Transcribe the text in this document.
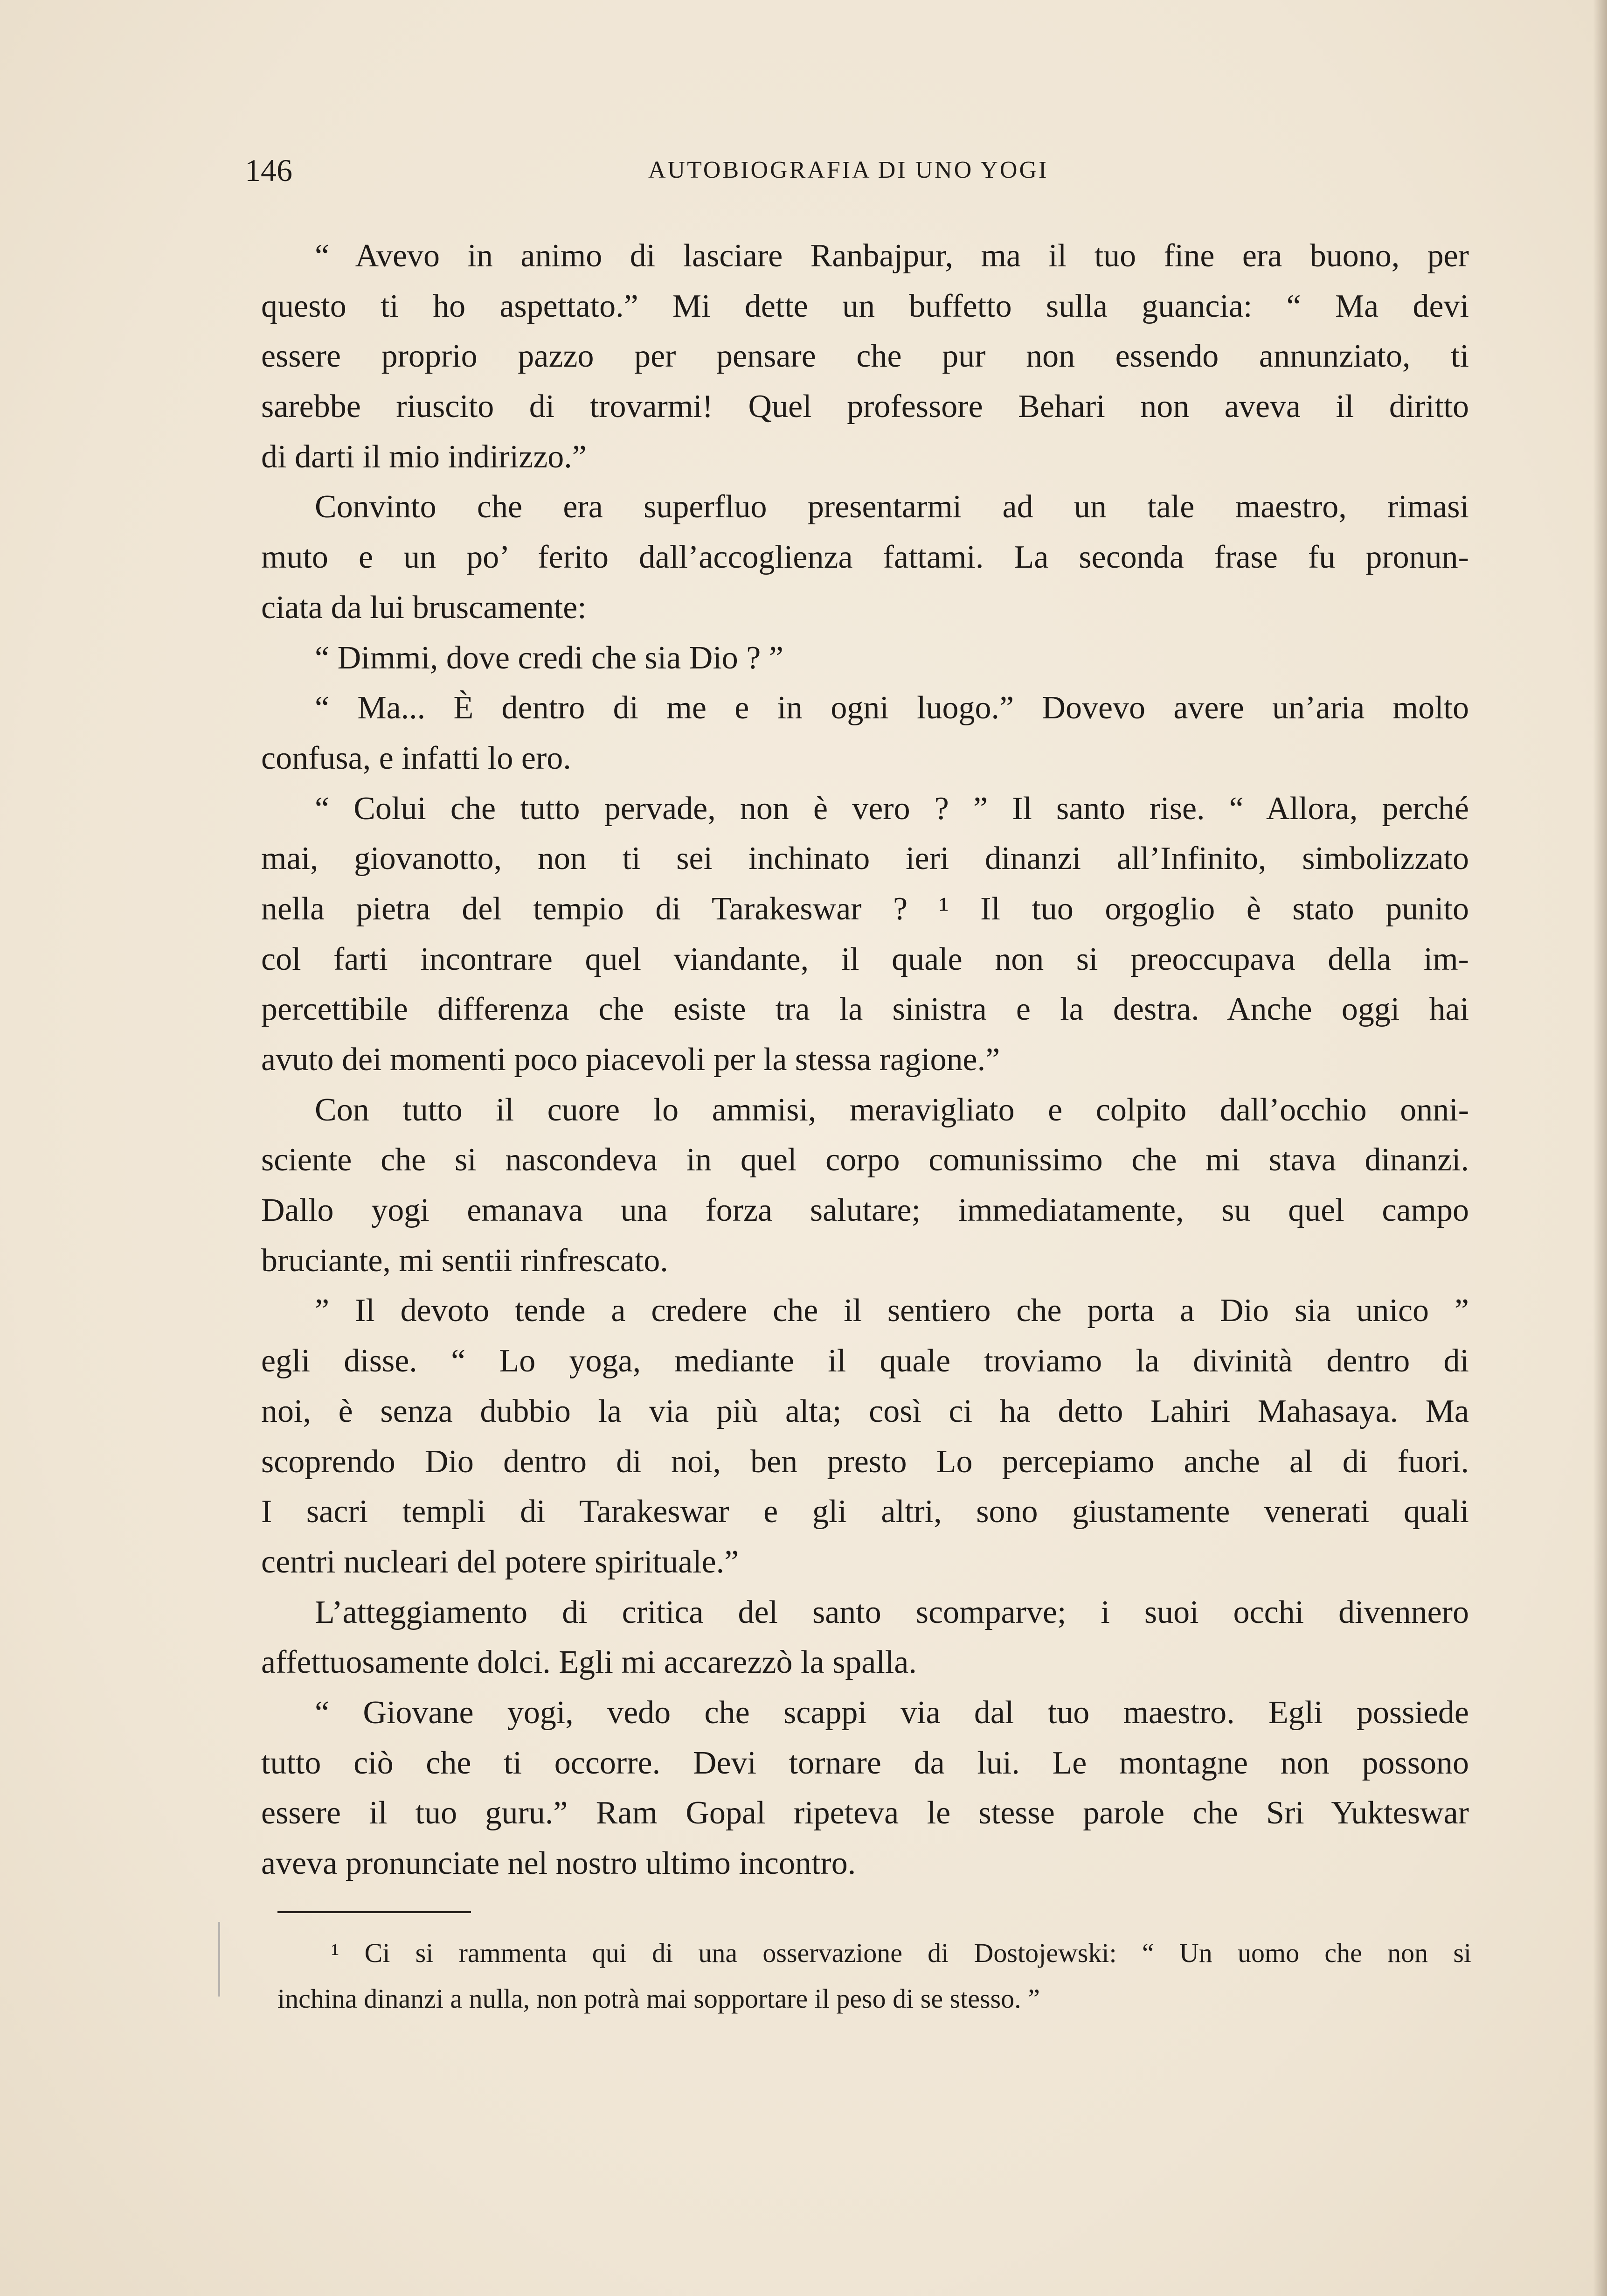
146	AUTOBIOGRAFIA DI UNO YOGI
“ Avevo in animo di lasciare Ranbajpur, ma il tuo fine era buono, per
questo ti ho aspettato.” Mi dette un buffetto sulla guancia: “ Ma devi
essere proprio pazzo per pensare che pur non essendo annunziato, ti
sarebbe riuscito di trovarmi! Quel professore Behari non aveva il diritto
di darti il mio indirizzo.”
Convinto che era superfluo presentarmi ad un tale maestro, rimasi
muto e un po’ ferito dall’accoglienza fattami. La seconda frase fu pronun-
ciata da lui bruscamente:
“ Dimmi, dove credi che sia Dio ? ”
“ Ma... È dentro di me e in ogni luogo.” Dovevo avere un’aria molto
confusa, e infatti lo ero.
“ Colui che tutto pervade, non è vero ? ” Il santo rise. “ Allora, perché
mai, giovanotto, non ti sei inchinato ieri dinanzi all’Infinito, simbolizzato
nella pietra del tempio di Tarakeswar ? ¹ Il tuo orgoglio è stato punito
col farti incontrare quel viandante, il quale non si preoccupava della im-
percettibile differenza che esiste tra la sinistra e la destra. Anche oggi hai
avuto dei momenti poco piacevoli per la stessa ragione.”
Con tutto il cuore lo ammisi, meravigliato e colpito dall’occhio onni-
sciente che si nascondeva in quel corpo comunissimo che mi stava dinanzi.
Dallo yogi emanava una forza salutare; immediatamente, su quel campo
bruciante, mi sentii rinfrescato.
” Il devoto tende a credere che il sentiero che porta a Dio sia unico ”
egli disse. “ Lo yoga, mediante il quale troviamo la divinità dentro di
noi, è senza dubbio la via più alta; così ci ha detto Lahiri Mahasaya. Ma
scoprendo Dio dentro di noi, ben presto Lo percepiamo anche al di fuori.
I sacri templi di Tarakeswar e gli altri, sono giustamente venerati quali
centri nucleari del potere spirituale.”
L’atteggiamento di critica del santo scomparve; i suoi occhi divennero
affettuosamente dolci. Egli mi accarezzò la spalla.
“ Giovane yogi, vedo che scappi via dal tuo maestro. Egli possiede
tutto ciò che ti occorre. Devi tornare da lui. Le montagne non possono
essere il tuo guru.” Ram Gopal ripeteva le stesse parole che Sri Yukteswar
aveva pronunciate nel nostro ultimo incontro.
¹ Ci si rammenta qui di una osservazione di Dostojewski: “ Un uomo che non si
inchina dinanzi a nulla, non potrà mai sopportare il peso di se stesso. ”
